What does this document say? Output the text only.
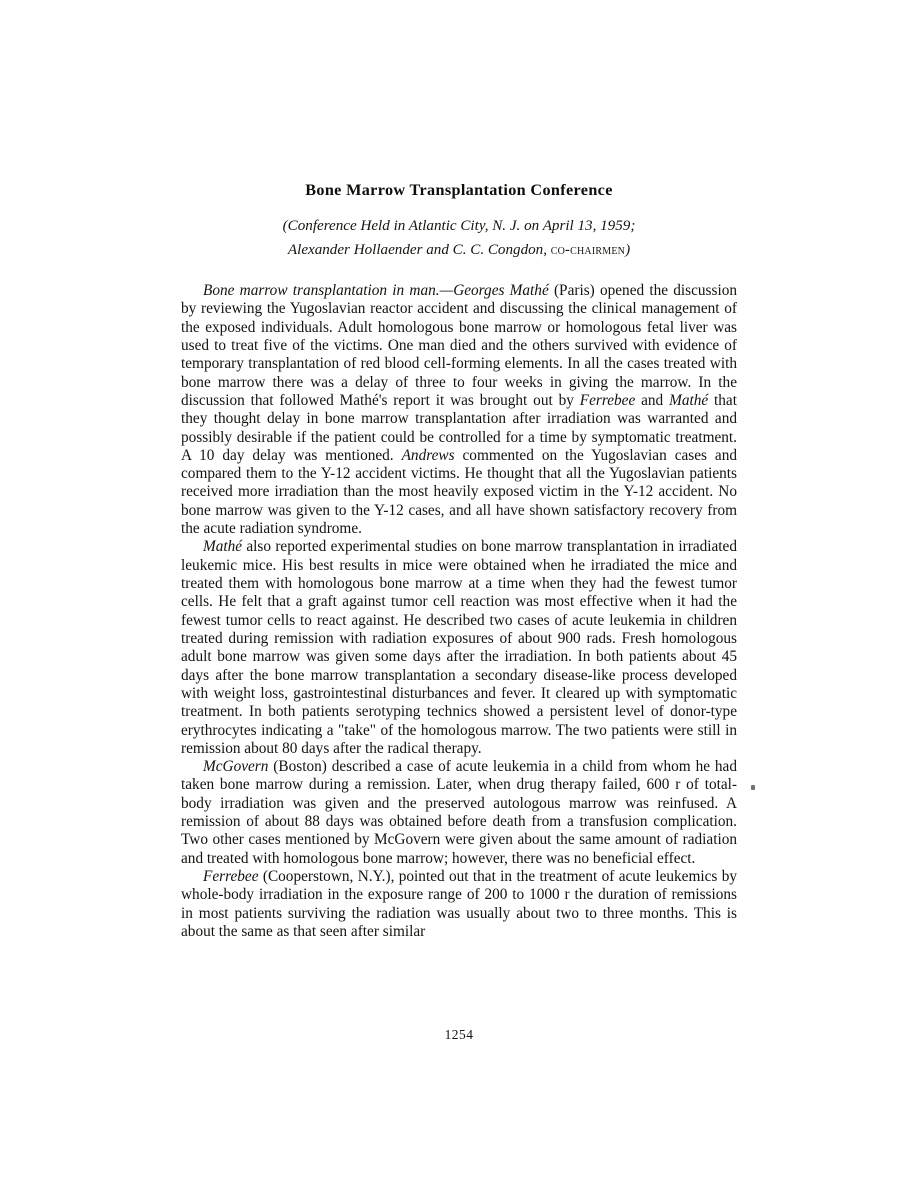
Bone Marrow Transplantation Conference
(Conference Held in Atlantic City, N. J. on April 13, 1959;
Alexander Hollaender and C. C. Congdon, co-chairmen)

Bone marrow transplantation in man.—Georges Mathé (Paris) opened the discussion by reviewing the Yugoslavian reactor accident and discussing the clinical management of the exposed individuals. Adult homologous bone marrow or homologous fetal liver was used to treat five of the victims. One man died and the others survived with evidence of temporary transplantation of red blood cell-forming elements. In all the cases treated with bone marrow there was a delay of three to four weeks in giving the marrow. In the discussion that followed Mathé's report it was brought out by Ferrebee and Mathé that they thought delay in bone marrow transplantation after irradiation was warranted and possibly desirable if the patient could be controlled for a time by symptomatic treatment. A 10 day delay was mentioned. Andrews commented on the Yugoslavian cases and compared them to the Y-12 accident victims. He thought that all the Yugoslavian patients received more irradiation than the most heavily exposed victim in the Y-12 accident. No bone marrow was given to the Y-12 cases, and all have shown satisfactory recovery from the acute radiation syndrome.

Mathé also reported experimental studies on bone marrow transplantation in irradiated leukemic mice. His best results in mice were obtained when he irradiated the mice and treated them with homologous bone marrow at a time when they had the fewest tumor cells. He felt that a graft against tumor cell reaction was most effective when it had the fewest tumor cells to react against. He described two cases of acute leukemia in children treated during remission with radiation exposures of about 900 rads. Fresh homologous adult bone marrow was given some days after the irradiation. In both patients about 45 days after the bone marrow transplantation a secondary disease-like process developed with weight loss, gastrointestinal disturbances and fever. It cleared up with symptomatic treatment. In both patients serotyping technics showed a persistent level of donor-type erythrocytes indicating a "take" of the homologous marrow. The two patients were still in remission about 80 days after the radical therapy.

McGovern (Boston) described a case of acute leukemia in a child from whom he had taken bone marrow during a remission. Later, when drug therapy failed, 600 r of total-body irradiation was given and the preserved autologous marrow was reinfused. A remission of about 88 days was obtained before death from a transfusion complication. Two other cases mentioned by McGovern were given about the same amount of radiation and treated with homologous bone marrow; however, there was no beneficial effect.

Ferrebee (Cooperstown, N.Y.), pointed out that in the treatment of acute leukemics by whole-body irradiation in the exposure range of 200 to 1000 r the duration of remissions in most patients surviving the radiation was usually about two to three months. This is about the same as that seen after similar

1254
